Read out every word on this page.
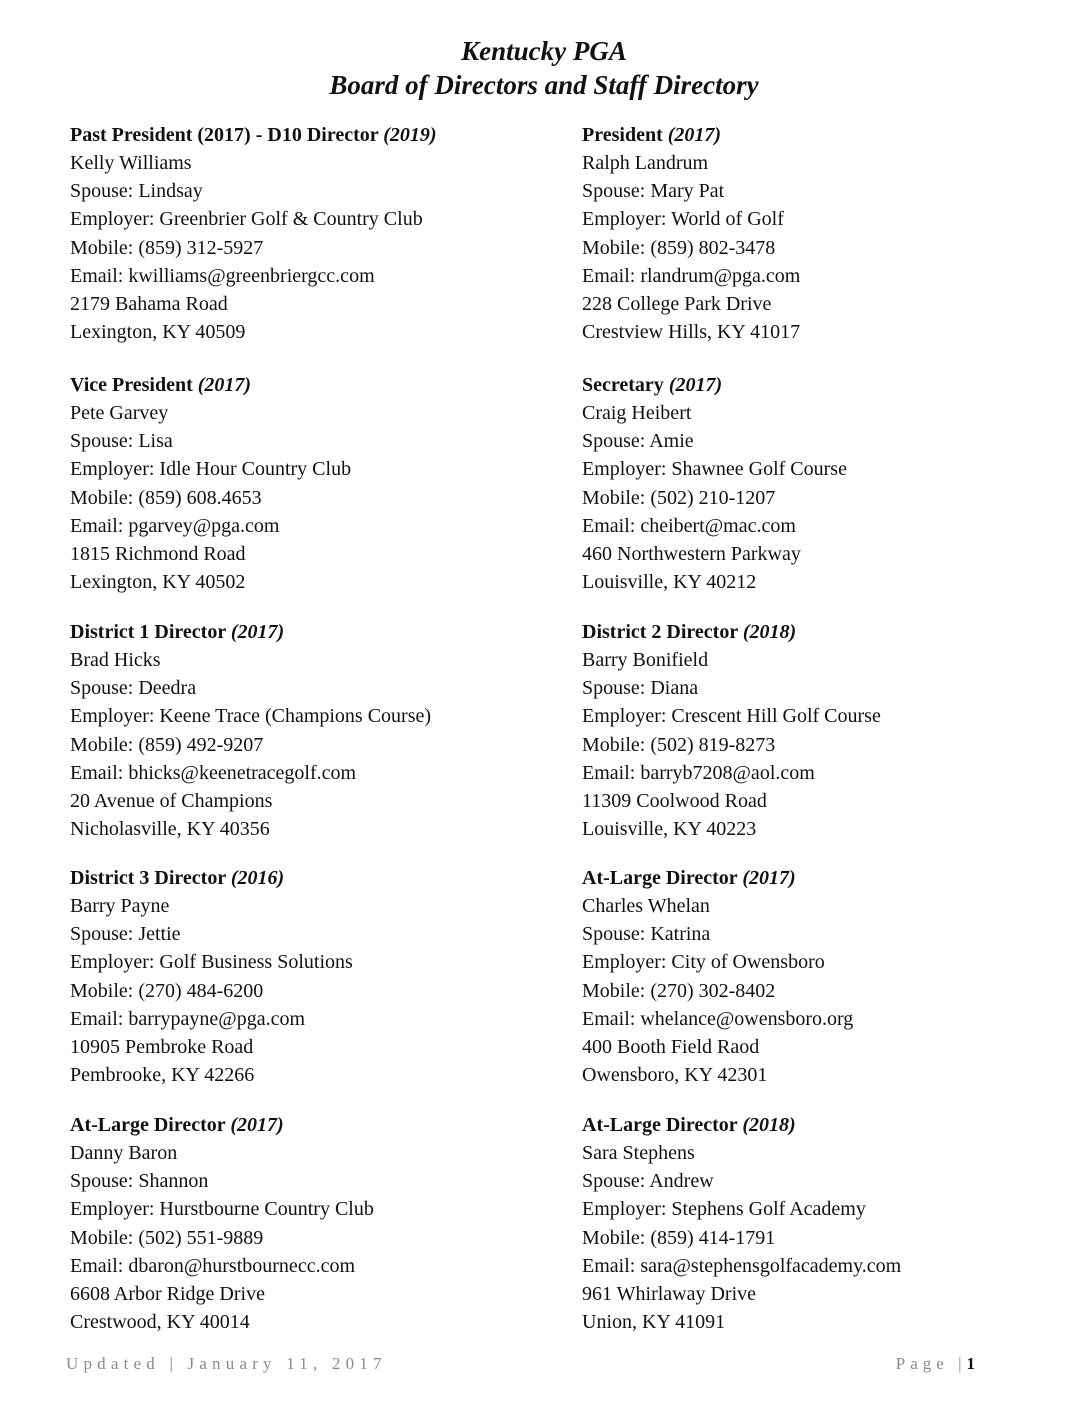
Kentucky PGA
Board of Directors and Staff Directory
Past President (2017) - D10 Director (2019)
Kelly Williams
Spouse: Lindsay
Employer: Greenbrier Golf & Country Club
Mobile: (859) 312-5927
Email: kwilliams@greenbriergcc.com
2179 Bahama Road
Lexington, KY 40509
President (2017)
Ralph Landrum
Spouse: Mary Pat
Employer: World of Golf
Mobile: (859) 802-3478
Email: rlandrum@pga.com
228 College Park Drive
Crestview Hills, KY 41017
Vice President (2017)
Pete Garvey
Spouse: Lisa
Employer: Idle Hour Country Club
Mobile: (859) 608.4653
Email: pgarvey@pga.com
1815 Richmond Road
Lexington, KY 40502
Secretary (2017)
Craig Heibert
Spouse: Amie
Employer: Shawnee Golf Course
Mobile: (502) 210-1207
Email: cheibert@mac.com
460 Northwestern Parkway
Louisville, KY 40212
District 1 Director (2017)
Brad Hicks
Spouse: Deedra
Employer: Keene Trace (Champions Course)
Mobile: (859) 492-9207
Email: bhicks@keenetracegolf.com
20 Avenue of Champions
Nicholasville, KY 40356
District 2 Director (2018)
Barry Bonifield
Spouse: Diana
Employer: Crescent Hill Golf Course
Mobile: (502) 819-8273
Email: barryb7208@aol.com
11309 Coolwood Road
Louisville, KY 40223
District 3 Director (2016)
Barry Payne
Spouse: Jettie
Employer: Golf Business Solutions
Mobile: (270) 484-6200
Email: barrypayne@pga.com
10905 Pembroke Road
Pembrooke, KY 42266
At-Large Director (2017)
Charles Whelan
Spouse: Katrina
Employer: City of Owensboro
Mobile: (270) 302-8402
Email: whelance@owensboro.org
400 Booth Field Raod
Owensboro, KY 42301
At-Large Director (2017)
Danny Baron
Spouse: Shannon
Employer: Hurstbourne Country Club
Mobile: (502) 551-9889
Email: dbaron@hurstbournecc.com
6608 Arbor Ridge Drive
Crestwood, KY 40014
At-Large Director (2018)
Sara Stephens
Spouse: Andrew
Employer: Stephens Golf Academy
Mobile: (859) 414-1791
Email: sara@stephensgolfacademy.com
961 Whirlaway Drive
Union, KY 41091
Updated | January 11, 2017	Page |1
